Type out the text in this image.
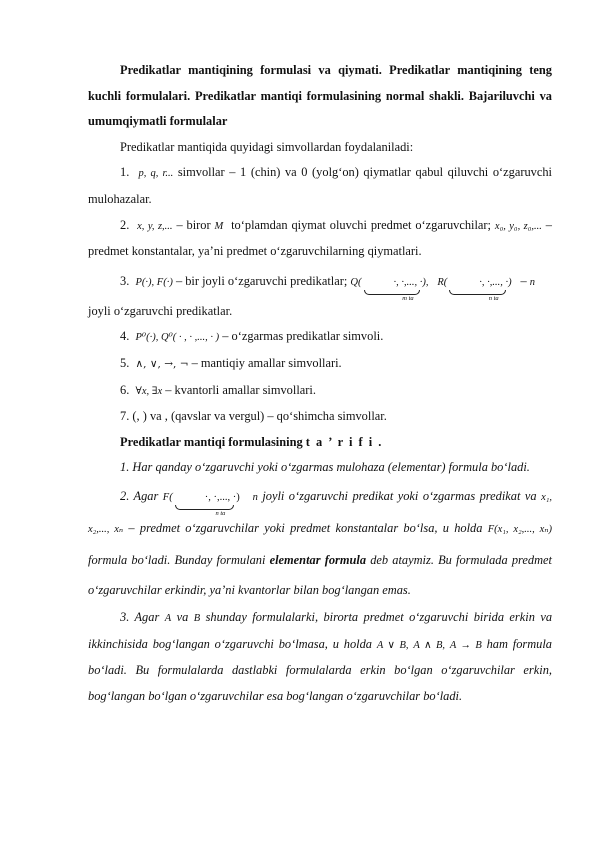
Predikatlar mantiqining formulasi va qiymati. Predikatlar mantiqining teng kuchli formulalari. Predikatlar mantiqi formulasining normal shakli. Bajariluvchi va umumqiymatli formulalar

Predikatlar mantiqida quyidagi simvollardan foydalaniladi:

1. p, q, r... simvollar – 1 (chin) va 0 (yolg‘on) qiymatlar qabul qiluvchi o‘zgaruvchi mulohazalar.

2. x, y, z,... – biror M to‘plamdan qiymat oluvchi predmet o‘zgaruvchilar; x₀, y₀, z₀,... – predmet konstantalar, ya’ni predmet o‘zgaruvchilarning qiymatlari.

3. P(·), F(·) – bir joyli o‘zgaruvchi predikatlar; Q(	·, ·,..., ·
m ta
), R(	·, ·,..., ·
n ta
) – n

joyli o‘zgaruvchi predikatlar.

4. P⁰(·), Q⁰( · , · ,..., · ) – o‘zgarmas predikatlar simvoli.

5. ∧, ∨, →, ¬ – mantiqiy amallar simvollari.

6. ∀x, ∃x – kvantorli amallar simvollari.

7. (, ) va , (qavslar va vergul) – qo‘shimcha simvollar.

Predikatlar mantiqi formulasining t a ’ r i f i .

1. Har qanday o‘zgaruvchi yoki o‘zgarmas mulohaza (elementar) formula bo‘ladi.

2. Agar F(	·, ·,..., ·
n ta
) n joyli o‘zgaruvchi predikat yoki o‘zgarmas predikat va x₁, x₂,..., xₙ – predmet o‘zgaruvchilar yoki predmet konstantalar bo‘lsa, u holda F(x₁, x₂,..., xₙ) formula bo‘ladi. Bunday formulani elementar formula deb ataymiz. Bu formulada predmet o‘zgaruvchilar erkindir, ya’ni kvantorlar bilan bog‘langan emas.

3. Agar A va B shunday formulalarki, birorta predmet o‘zgaruvchi birida erkin va ikkinchisida bog‘langan o‘zgaruvchi bo‘lmasa, u holda A ∨ B, A ∧ B, A → B ham formula bo‘ladi. Bu formulalarda dastlabki formulalarda erkin bo‘lgan o‘zgaruvchilar erkin, bog‘langan bo‘lgan o‘zgaruvchilar esa bog‘langan o‘zgaruvchilar bo‘ladi.
